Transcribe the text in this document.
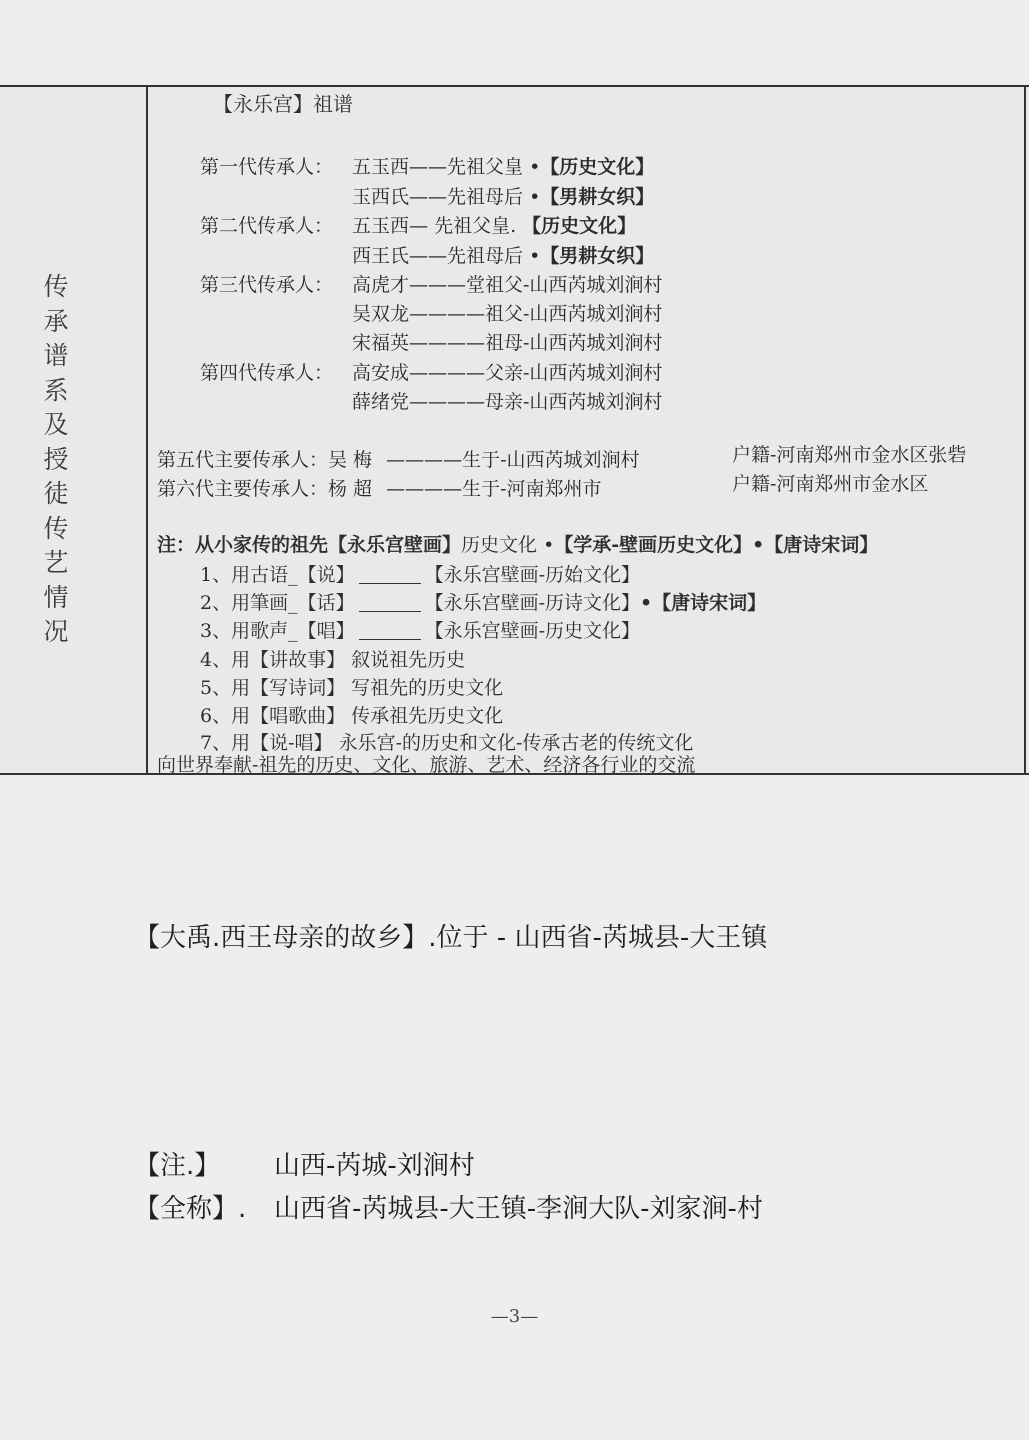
传
承
谱
系
及
授
徒
传
艺
情
况
【永乐宫】祖谱
第一代传承人： 五玉西——先祖父皇 •【历史文化】
玉西氏——先祖母后 •【男耕女织】
第二代传承人： 五玉西— 先祖父皇. 【历史文化】
西王氏——先祖母后 •【男耕女织】
第三代传承人： 高虎才———堂祖父-山西芮城刘涧村
吴双龙————祖父-山西芮城刘涧村
宋福英————祖母-山西芮城刘涧村
第四代传承人： 高安成————父亲-山西芮城刘涧村
薛绪党————母亲-山西芮城刘涧村
第五代主要传承人：吴 梅 ————生于-山西芮城刘涧村	户籍-河南郑州市金水区张砦
第六代主要传承人：杨 超 ————生于-河南郑州市	户籍-河南郑州市金水区
注：从小家传的祖先【永乐宫壁画】历史文化 •【学承-壁画历史文化】•【唐诗宋词】
1、用古语_【说】	【永乐宫壁画-历始文化】
2、用筆画_【话】	【永乐宫壁画-历诗文化】•【唐诗宋词】
3、用歌声_【唱】	【永乐宫壁画-历史文化】
4、用【讲故事】 叙说祖先历史
5、用【写诗词】 写祖先的历史文化
6、用【唱歌曲】 传承祖先历史文化
7、用【说-唱】 永乐宫-的历史和文化-传承古老的传统文化
向世界奉献-祖先的历史、文化、旅游、艺术、经济各行业的交流
【大禹.西王母亲的故乡】.位于 - 山西省-芮城县-大王镇
【注.】 山西-芮城-刘涧村
【全称】. 山西省-芮城县-大王镇-李涧大队-刘家涧-村
—3—
